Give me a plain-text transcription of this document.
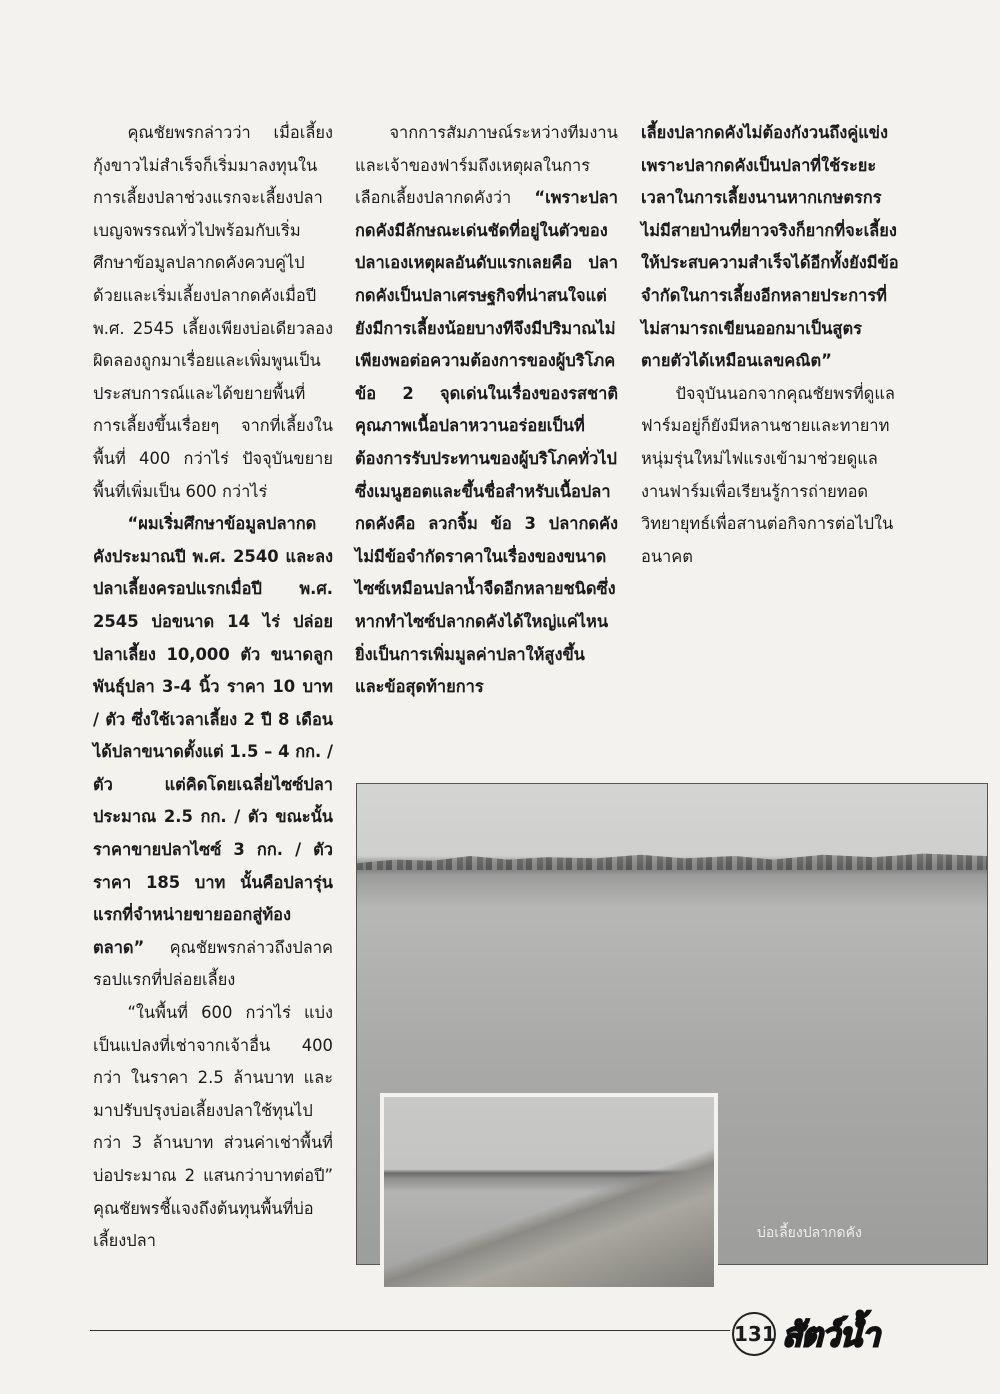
คุณชัยพรกล่าวว่า เมื่อเลี้ยงกุ้งขาวไม่สำเร็จก็เริ่มมาลงทุนในการเลี้ยงปลาช่วงแรกจะเลี้ยงปลาเบญจพรรณทั่วไปพร้อมกับเริ่มศึกษาข้อมูลปลากดคังควบคู่ไปด้วยและเริ่มเลี้ยงปลากดคังเมื่อปี พ.ศ. 2545 เลี้ยงเพียงบ่อเดียวลองผิดลองถูกมาเรื่อยและเพิ่มพูนเป็นประสบการณ์และได้ขยายพื้นที่การเลี้ยงขึ้นเรื่อยๆ จากที่เลี้ยงในพื้นที่ 400 กว่าไร่ ปัจจุบันขยายพื้นที่เพิ่มเป็น 600 กว่าไร่

“ผมเริ่มศึกษาข้อมูลปลากดคังประมาณปี พ.ศ. 2540 และลงปลาเลี้ยงครอปแรกเมื่อปี พ.ศ. 2545 บ่อขนาด 14 ไร่ ปล่อยปลาเลี้ยง 10,000 ตัว ขนาดลูกพันธุ์ปลา 3-4 นิ้ว ราคา 10 บาท / ตัว ซึ่งใช้เวลาเลี้ยง 2 ปี 8 เดือน ได้ปลาขนาดตั้งแต่ 1.5 – 4 กก. / ตัว แต่คิดโดยเฉลี่ยไซซ์ปลาประมาณ 2.5 กก. / ตัว ขณะนั้นราคาขายปลาไซซ์ 3 กก. / ตัว ราคา 185 บาท นั้นคือปลารุ่นแรกที่จำหน่ายขายออกสู่ท้องตลาด” คุณชัยพรกล่าวถึงปลาครอปแรกที่ปล่อยเลี้ยง

“ในพื้นที่ 600 กว่าไร่ แบ่งเป็นแปลงที่เช่าจากเจ้าอื่น 400 กว่า ในราคา 2.5 ล้านบาท และมาปรับปรุงบ่อเลี้ยงปลาใช้ทุนไปกว่า 3 ล้านบาท ส่วนค่าเช่าพื้นที่บ่อประมาณ 2 แสนกว่าบาทต่อปี” คุณชัยพรชี้แจงถึงต้นทุนพื้นที่บ่อเลี้ยงปลา

จากการสัมภาษณ์ระหว่างทีมงานและเจ้าของฟาร์มถึงเหตุผลในการเลือกเลี้ยงปลากดคังว่า “เพราะปลากดคังมีลักษณะเด่นชัดที่อยู่ในตัวของปลาเองเหตุผลอันดับแรกเลยคือ ปลากดคังเป็นปลาเศรษฐกิจที่น่าสนใจแต่ยังมีการเลี้ยงน้อยบางทีจึงมีปริมาณไม่เพียงพอต่อความต้องการของผู้บริโภค ข้อ 2 จุดเด่นในเรื่องของรสชาติคุณภาพเนื้อปลาหวานอร่อยเป็นที่ต้องการรับประทานของผู้บริโภคทั่วไปซึ่งเมนูฮอตและขึ้นชื่อสำหรับเนื้อปลากดคังคือ ลวกจิ้ม ข้อ 3 ปลากดคังไม่มีข้อจำกัดราคาในเรื่องของขนาดไซซ์เหมือนปลาน้ำจืดอีกหลายชนิดซึ่งหากทำไซซ์ปลากดคังได้ใหญ่แค่ไหนยิ่งเป็นการเพิ่มมูลค่าปลาให้สูงขึ้น และข้อสุดท้ายการ

เลี้ยงปลากดคังไม่ต้องกังวนถึงคู่แข่งเพราะปลากดคังเป็นปลาที่ใช้ระยะเวลาในการเลี้ยงนานหากเกษตรกรไม่มีสายป่านที่ยาวจริงก็ยากที่จะเลี้ยงให้ประสบความสำเร็จได้อีกทั้งยังมีข้อจำกัดในการเลี้ยงอีกหลายประการที่ไม่สามารถเขียนออกมาเป็นสูตรตายตัวได้เหมือนเลขคณิต”

ปัจจุบันนอกจากคุณชัยพรที่ดูแลฟาร์มอยู่ก็ยังมีหลานชายและทายาทหนุ่มรุ่นใหม่ไฟแรงเข้ามาช่วยดูแลงานฟาร์มเพื่อเรียนรู้การถ่ายทอดวิทยายุทธ์เพื่อสานต่อกิจการต่อไปในอนาคต

บ่อเลี้ยงปลากดคัง
131 สัตว์น้ำ
